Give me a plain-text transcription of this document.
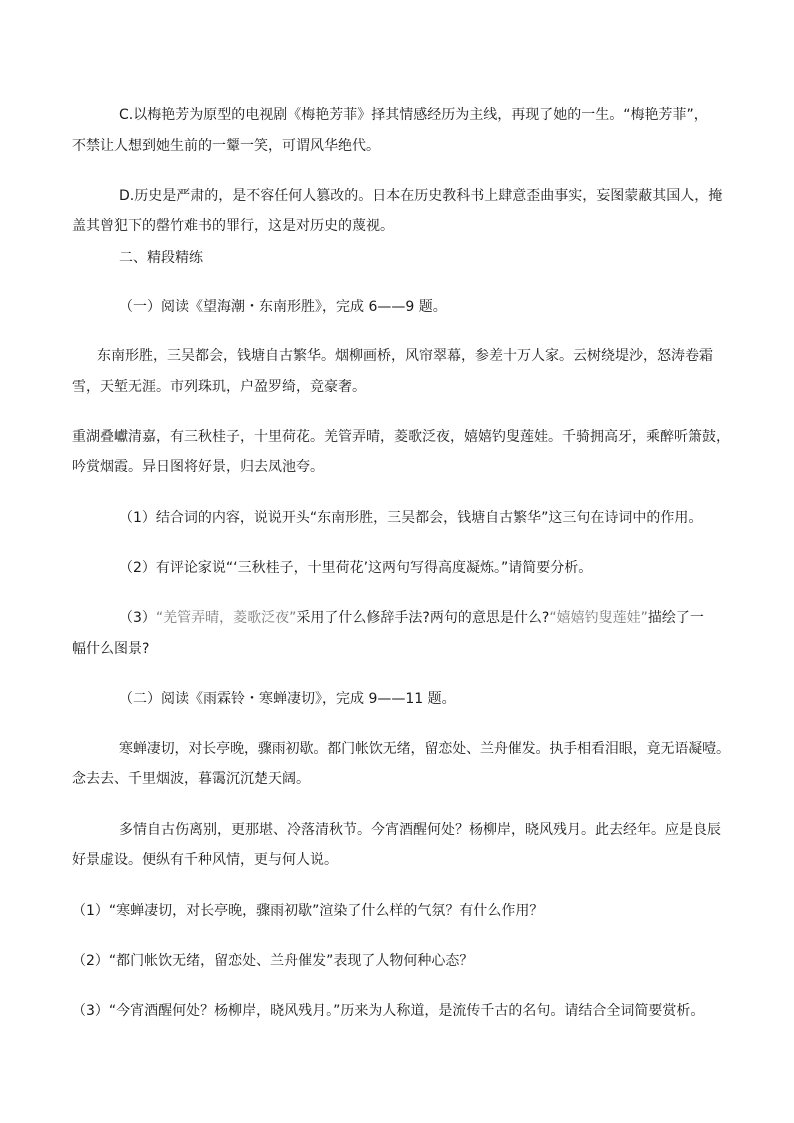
C.以梅艳芳为原型的电视剧《梅艳芳菲》择其情感经历为主线，再现了她的一生。“梅艳芳菲”，
不禁让人想到她生前的一颦一笑，可谓风华绝代。
D.历史是严肃的，是不容任何人篡改的。日本在历史教科书上肆意歪曲事实，妄图蒙蔽其国人，掩
盖其曾犯下的罄竹难书的罪行，这是对历史的蔑视。
二、精段精练
（一）阅读《望海潮・东南形胜》，完成 6——9 题。
东南形胜，三吴都会，钱塘自古繁华。烟柳画桥，风帘翠幕，参差十万人家。云树绕堤沙，怒涛卷霜
雪，天堑无涯。市列珠玑，户盈罗绮，竞豪奢。
重湖叠巘清嘉，有三秋桂子，十里荷花。羌管弄晴，菱歌泛夜，嬉嬉钓叟莲娃。千骑拥高牙，乘醉听箫鼓，
吟赏烟霞。异日图将好景，归去凤池夸。
（1）结合词的内容，说说开头“东南形胜，三吴都会，钱塘自古繁华”这三句在诗词中的作用。
（2）有评论家说“‘三秋桂子，十里荷花’这两句写得高度凝炼。”请简要分析。
（3）“羌管弄晴，菱歌泛夜”采用了什么修辞手法?两句的意思是什么?“嬉嬉钓叟莲娃”描绘了一
幅什么图景?
（二）阅读《雨霖铃・寒蝉凄切》，完成 9——11 题。
寒蝉凄切，对长亭晚，骤雨初歇。都门帐饮无绪，留恋处、兰舟催发。执手相看泪眼，竟无语凝噎。
念去去、千里烟波，暮霭沉沉楚天阔。
多情自古伤离别，更那堪、冷落清秋节。今宵酒醒何处？杨柳岸，晓风残月。此去经年。应是良辰
好景虚设。便纵有千种风情，更与何人说。
（1）“寒蝉凄切，对长亭晚，骤雨初歇”渲染了什么样的气氛？有什么作用？
（2）“都门帐饮无绪，留恋处、兰舟催发”表现了人物何种心态？
（3）“今宵酒醒何处？杨柳岸，晓风残月。”历来为人称道，是流传千古的名句。请结合全词简要赏析。
